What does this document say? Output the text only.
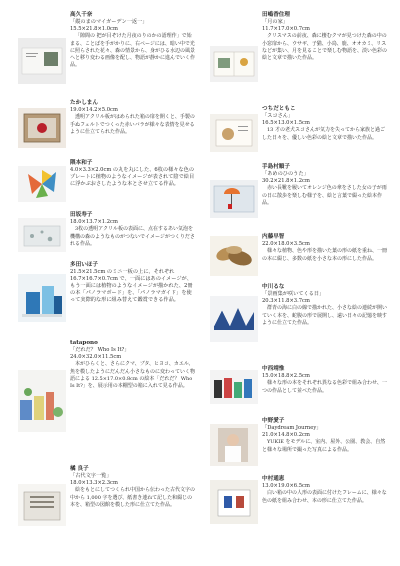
高久千奈
「縦のまのマイガーデン一返一」
15.5×21.8×1.0cm

「隙間の 把が目ぞけた月夜のりのかの語理作」で始まる、ことばを手がかりに、右ページには、暗い中で光に照らされた花々、森の情景から、身がひる水辺の風景へと移り変わる画像を配し、物語が静かに進んでいく作品。

たかしまん
19.0×14.2×5.0cm

透明アクリル板がはめられた箱の扉を開くと、手製の手ぬフェルトでつくった赤いバラが様々な表情を見せるように仕立てられた作品。

隈本和子
4.0×3.3×2.0cm の丸を丸にした、6枚の様々な色のプレートに植物のようなイメージが表されて陰で絵目に浮かぶおさしたような本とさせ立てる作品。
田坂寿子
18.0×13.7×1.2cm

3枚の透明アクリル板の表面に、点在するあい気泡を機構の森のようなものがつないでイメージがつくりだされる作品。

多田いほ子
21.5×21.5cm のミニ一板の上に、それぞれ 16.7×16.7×0.7cm で、一面にはあのイメージが、もう一面には植物のようなイメージが描かれた、2冊の本「パノラマボード」を、「パノラマガイド」を使って実際的な形に組み替えて鑑賞できる作品。
tatapono
「だれだ？ Who Is It?」
24.0×32.0×11.5cm

本がひらくと、さらにクマ、ブタ、ヒヨコ、カエル、魚を模したようにだんだん小さなものに変わっていく物語による 12.5×17.0×0.8cm の絵本「だれだ？ Who Is It?」を、展示用の本棚型の箱に入れて見る作品。

橘 良子
「古代文字一覧」
18.0×13.3×2.3cm

絵をもとにしてつくられ中国から伝わった古代文字の中から 1,000 字を選び、紙書き連ねて記した和綴じの本を、箱型の図館を模した形に仕立てた作品。

田嶋香住理
「月の家」
11.7×17.0×0.7cm

クリスマスの前夜、森に棲むクマが見つけた森の中の小窓扉から、ウサギ、子猫、小鳥、鹿、オオカミ、リスなどが集い、月を見ることで楽しむ物語を、淡い色彩の絵と文章で描いた作品。

つちだともこ
「スコさん」
16.5×13.0×1.5cm

13 才の老犬スコさんが気力を失ってから家族と過ごした日々を、優しい色彩の絵と文章で描いた作品。

手島村順子
「あめのひのうた」
30.2×21.8×1.2cm

赤い長靴を履いてオレンジ色の傘をさした女の子が雨の日に散歩を楽しむ様子を、絵と言葉で綴った絵本作品。

内藤早智
22.0×18.0×3.5cm

様々な植物、色や形を描いた葉の形の紙を重ね、一冊の本に綴じ、多数の紙を小さな本の形にした作品。

中川るな
「景画集が咲いてくる日」
20.3×11.8×3.7cm

群青の海に白の線で描かれた、小さな絵の連続が開いていく本を、蛇腹の形で展開し、遠い日々の記憶を映すように仕立てた作品。

中西靖惟
15.0×18.8×2.5cm

様々な形の本をそれぞれ異なる色彩で組み合わせ、一つの作品として並べた作品。

中野愛子
「Daydream Journey」
21.0×14.8×0.2cm

YUKIE をモデルに、室内、屋外、公園、教会、自然と様々な場所で撮った写真による作品。

中村通恵
13.0×19.0×6.5cm

白い箱の中の人形の表面に付けたフレームに、様々な色の紙を組み合わせ、本の形に仕立てた作品。
